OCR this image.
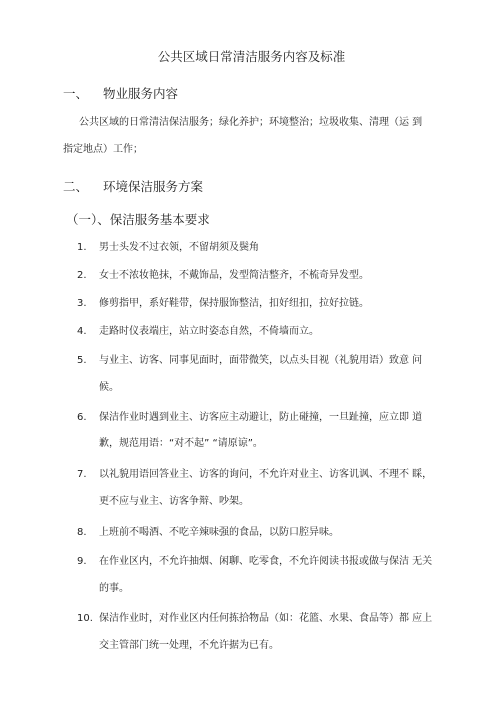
公共区域日常清洁服务内容及标准
一、 物业服务内容
公共区域的日常清洁保洁服务；绿化养护；环境整治；垃圾收集、清理（运 到
指定地点）工作；
二、 环境保洁服务方案
（一）、保洁服务基本要求
1. 男士头发不过衣领，不留胡须及鬓角
2. 女士不浓妆艳抹，不戴饰品，发型简洁整齐，不梳奇异发型。
3. 修剪指甲，系好鞋带，保持服饰整洁，扣好纽扣，拉好拉链。
4. 走路时仪表端庄，站立时姿态自然，不倚墙而立。
5. 与业主、访客、同事见面时，面带微笑，以点头目视（礼貌用语）致意 问
候。
6. 保洁作业时遇到业主、访客应主动避让，防止碰撞，一旦趾撞，应立即 道
歉，规范用语：“对不起” “请原谅”。
7. 以礼貌用语回答业主、访客的询问，不允许对业主、访客讥讽、不理不 睬，
更不应与业主、访客争辩、吵架。
8. 上班前不喝酒、不吃辛辣味强的食品，以防口腔异味。
9. 在作业区内，不允许抽烟、闲聊、吃零食，不允许阅读书报或做与保洁 无关
的事。
10. 保洁作业时，对作业区内任何拣拾物品（如：花篮、水果、食品等）都 应上
交主管部门统一处理，不允许据为已有。
